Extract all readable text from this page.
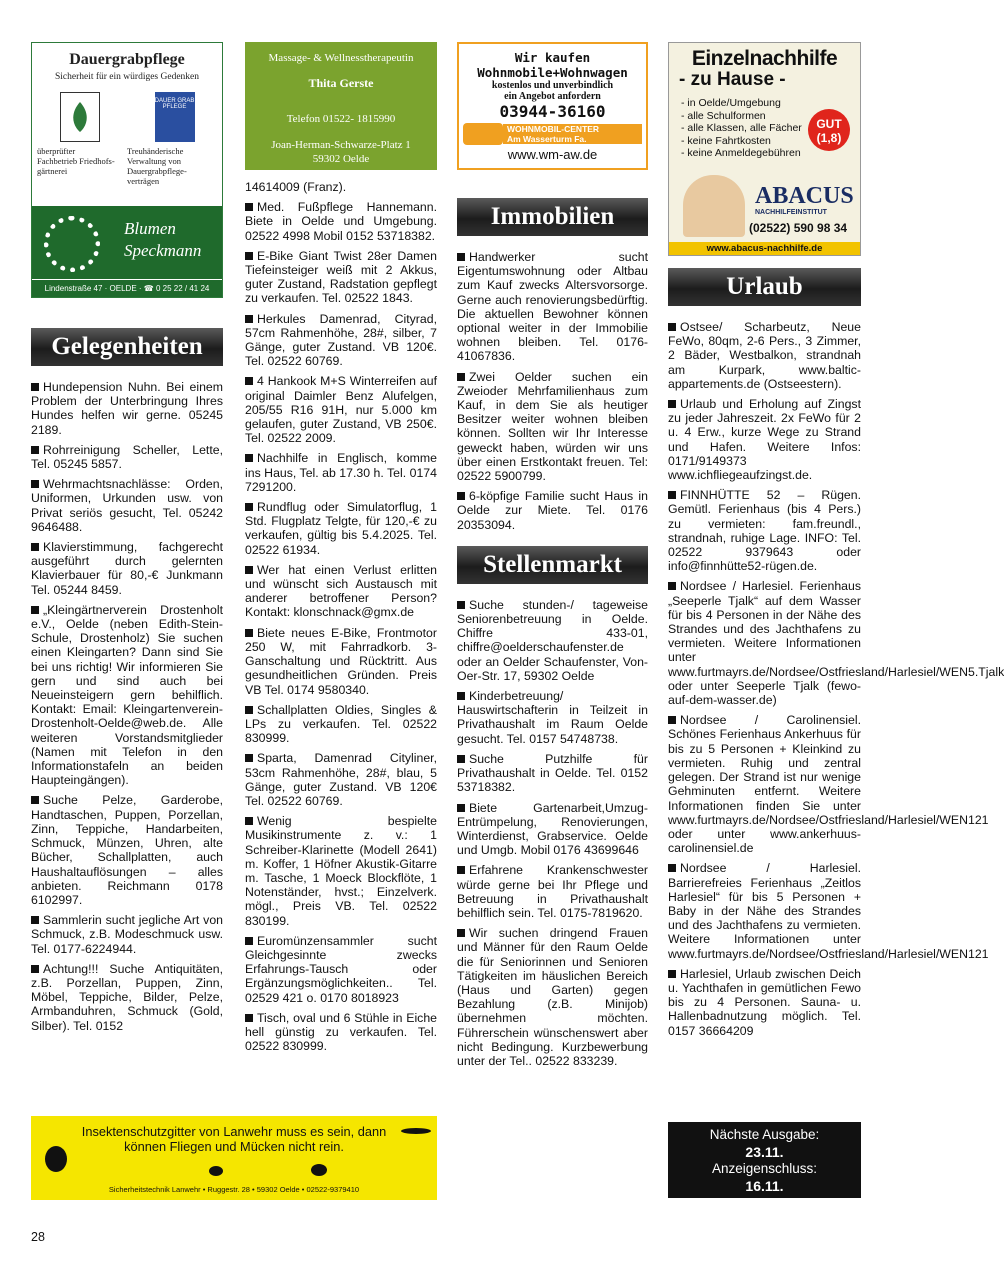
Dauergrabpflege
Sicherheit für ein würdiges Gedenken
DAUER GRAB PFLEGE
überprüfter Fachbetrieb Friedhofs-gärtnerei
Treuhänderische Verwaltung von Dauergrabpflege-verträgen
Blumen Speckmann
Lindenstraße 47 · OELDE · ☎ 0 25 22 / 41 24
Massage- & Wellnesstherapeutin
Thita Gerste
Telefon 01522- 1815990
Joan-Herman-Schwarze-Platz 1
59302 Oelde
Wir kaufen
Wohnmobile+Wohnwagen
kostenlos und unverbindlich
ein Angebot anfordern
03944-36160
WOHNMOBIL-CENTER
Am Wasserturm Fa.
www.wm-aw.de
Einzelnachhilfe
- zu Hause -
- in Oelde/Umgebung
- alle Schulformen
- alle Klassen, alle Fächer
- keine Fahrtkosten
- keine Anmeldegebühren
GUT (1,8)
ABACUS
NACHHILFEINSTITUT
(02522) 590 98 34
www.abacus-nachhilfe.de
Gelegenheiten

Hundepension Nuhn. Bei einem Problem der Unterbringung Ihres Hundes helfen wir gerne. 05245 2189.

Rohrreinigung Scheller, Lette, Tel. 05245 5857.

Wehrmachtsnachlässe: Orden, Uniformen, Urkunden usw. von Privat seriös gesucht, Tel. 05242 9646488.

Klavierstimmung, fachgerecht ausgeführt durch gelernten Klavierbauer für 80,-€ Junkmann Tel. 05244 8459.

„Kleingärtnerverein Drostenholt e.V., Oelde (neben Edith-Stein-Schule, Drostenholz) Sie suchen einen Kleingarten? Dann sind Sie bei uns richtig! Wir informieren Sie gern und sind auch bei Neueinsteigern gern behilflich. Kontakt: Email: Kleingartenverein-Drostenholt-Oelde@web.de. Alle weiteren Vorstandsmitglieder (Namen mit Telefon in den Informationstafeln an beiden Haupteingängen).

Suche Pelze, Garderobe, Handtaschen, Puppen, Porzellan, Zinn, Teppiche, Handarbeiten, Schmuck, Münzen, Uhren, alte Bücher, Schallplatten, auch Haushaltauflösungen – alles anbieten. Reichmann 0178 6102997.

Sammlerin sucht jegliche Art von Schmuck, z.B. Modeschmuck usw. Tel. 0177-6224944.

Achtung!!! Suche Antiquitäten, z.B. Porzellan, Puppen, Zinn, Möbel, Teppiche, Bilder, Pelze, Armbanduhren, Schmuck (Gold, Silber). Tel. 0152

14614009 (Franz).

Med. Fußpflege Hannemann. Biete in Oelde und Umgebung. 02522 4998 Mobil 0152 53718382.

E-Bike Giant Twist 28er Damen Tiefeinsteiger weiß mit 2 Akkus, guter Zustand, Radstation gepflegt zu verkaufen. Tel. 02522 1843.

Herkules Damenrad, Cityrad, 57cm Rahmenhöhe, 28#, silber, 7 Gänge, guter Zustand. VB 120€. Tel. 02522 60769.

4 Hankook M+S Winterreifen auf original Daimler Benz Alufelgen, 205/55 R16 91H, nur 5.000 km gelaufen, guter Zustand, VB 250€. Tel. 02522 2009.

Nachhilfe in Englisch, komme ins Haus, Tel. ab 17.30 h. Tel. 0174 7291200.

Rundflug oder Simulatorflug, 1 Std. Flugplatz Telgte, für 120,-€ zu verkaufen, gültig bis 5.4.2025. Tel. 02522 61934.

Wer hat einen Verlust erlitten und wünscht sich Austausch mit anderer betroffener Person? Kontakt: klonschnack@gmx.de

Biete neues E-Bike, Frontmotor 250 W, mit Fahrradkorb. 3-Ganschaltung und Rücktritt. Aus gesundheitlichen Gründen. Preis VB Tel. 0174 9580340.

Schallplatten Oldies, Singles & LPs zu verkaufen. Tel. 02522 830999.

Sparta, Damenrad Cityliner, 53cm Rahmenhöhe, 28#, blau, 5 Gänge, guter Zustand. VB 120€ Tel. 02522 60769.

Wenig bespielte Musikinstrumente z. v.: 1 Schreiber-Klarinette (Modell 2641) m. Koffer, 1 Höfner Akustik-Gitarre m. Tasche, 1 Moeck Blockflöte, 1 Notenständer, hvst.; Einzelverk. mögl., Preis VB. Tel. 02522 830199.

Euromünzensammler sucht Gleichgesinnte zwecks Erfahrungs-Tausch oder Ergänzungsmöglichkeiten.. Tel. 02529 421 o. 0170 8018923

Tisch, oval und 6 Stühle in Eiche hell günstig zu verkaufen. Tel. 02522 830999.

Immobilien

Handwerker sucht Eigentumswohnung oder Altbau zum Kauf zwecks Altersvorsorge. Gerne auch renovierungsbedürftig. Die aktuellen Bewohner können optional weiter in der Immobilie wohnen bleiben. Tel. 0176-41067836.

Zwei Oelder suchen ein Zweioder Mehrfamilienhaus zum Kauf, in dem Sie als heutiger Besitzer weiter wohnen bleiben können. Sollten wir Ihr Interesse geweckt haben, würden wir uns über einen Erstkontakt freuen. Tel: 02522 5900799.

6-köpfige Familie sucht Haus in Oelde zur Miete. Tel. 0176 20353094.

Stellenmarkt

Suche stunden-/ tageweise Seniorenbetreuung in Oelde. Chiffre 433-01, chiffre@oelderschaufenster.de oder an Oelder Schaufenster, Von-Oer-Str. 17, 59302 Oelde

Kinderbetreuung/ Hauswirtschafterin in Teilzeit in Privathaushalt im Raum Oelde gesucht. Tel. 0157 54748738.

Suche Putzhilfe für Privathaushalt in Oelde. Tel. 0152 53718382.

Biete Gartenarbeit,Umzug-Entrümpelung, Renovierungen, Winterdienst, Grabservice. Oelde und Umgb. Mobil 0176 43699646

Erfahrene Krankenschwester würde gerne bei Ihr Pflege und Betreuung in Privathaushalt behilflich sein. Tel. 0175-7819620.

Wir suchen dringend Frauen und Männer für den Raum Oelde die für Seniorinnen und Senioren Tätigkeiten im häuslichen Bereich (Haus und Garten) gegen Bezahlung (z.B. Minijob) übernehmen möchten. Führerschein wünschenswert aber nicht Bedingung. Kurzbewerbung unter der Tel.. 02522 833239.

Urlaub

Ostsee/ Scharbeutz, Neue FeWo, 80qm, 2-6 Pers., 3 Zimmer, 2 Bäder, Westbalkon, strandnah am Kurpark, www.baltic-appartements.de (Ostseestern).

Urlaub und Erholung auf Zingst zu jeder Jahreszeit. 2x FeWo für 2 u. 4 Erw., kurze Wege zu Strand und Hafen. Weitere Infos: 0171/9149373 www.ichfliegeaufzingst.de.

FINNHÜTTE 52 – Rügen. Gemütl. Ferienhaus (bis 4 Pers.) zu vermieten: fam.freundl., strandnah, ruhige Lage. INFO: Tel. 02522 9379643 oder info@finnhütte52-rügen.de.

Nordsee / Harlesiel. Ferienhaus „Seeperle Tjalk“ auf dem Wasser für bis 4 Personen in der Nähe des Strandes und des Jachthafens zu vermieten. Weitere Informationen unter www.furtmayrs.de/Nordsee/Ostfriesland/Harlesiel/WEN5.Tjalk oder unter Seeperle Tjalk (fewo-auf-dem-wasser.de)

Nordsee / Carolinensiel. Schönes Ferienhaus Ankerhuus für bis zu 5 Personen + Kleinkind zu vermieten. Ruhig und zentral gelegen. Der Strand ist nur wenige Gehminuten entfernt. Weitere Informationen finden Sie unter www.furtmayrs.de/Nordsee/Ostfriesland/Harlesiel/WEN121 oder unter www.ankerhuus-carolinensiel.de

Nordsee / Harlesiel. Barrierefreies Ferienhaus „Zeitlos Harlesiel“ für bis 5 Personen + Baby in der Nähe des Strandes und des Jachthafens zu vermieten. Weitere Informationen unter www.furtmayrs.de/Nordsee/Ostfriesland/Harlesiel/WEN121

Harlesiel, Urlaub zwischen Deich u. Yachthafen in gemütlichen Fewo bis zu 4 Personen. Sauna- u. Hallenbadnutzung möglich. Tel. 0157 36664209

Insektenschutzgitter von Lanwehr muss es sein, dann können Fliegen und Mücken nicht rein.
Sicherheitstechnik Lanwehr • Ruggestr. 28 • 59302 Oelde • 02522-9379410
Nächste Ausgabe:
23.11.
Anzeigenschluss:
16.11.
28
